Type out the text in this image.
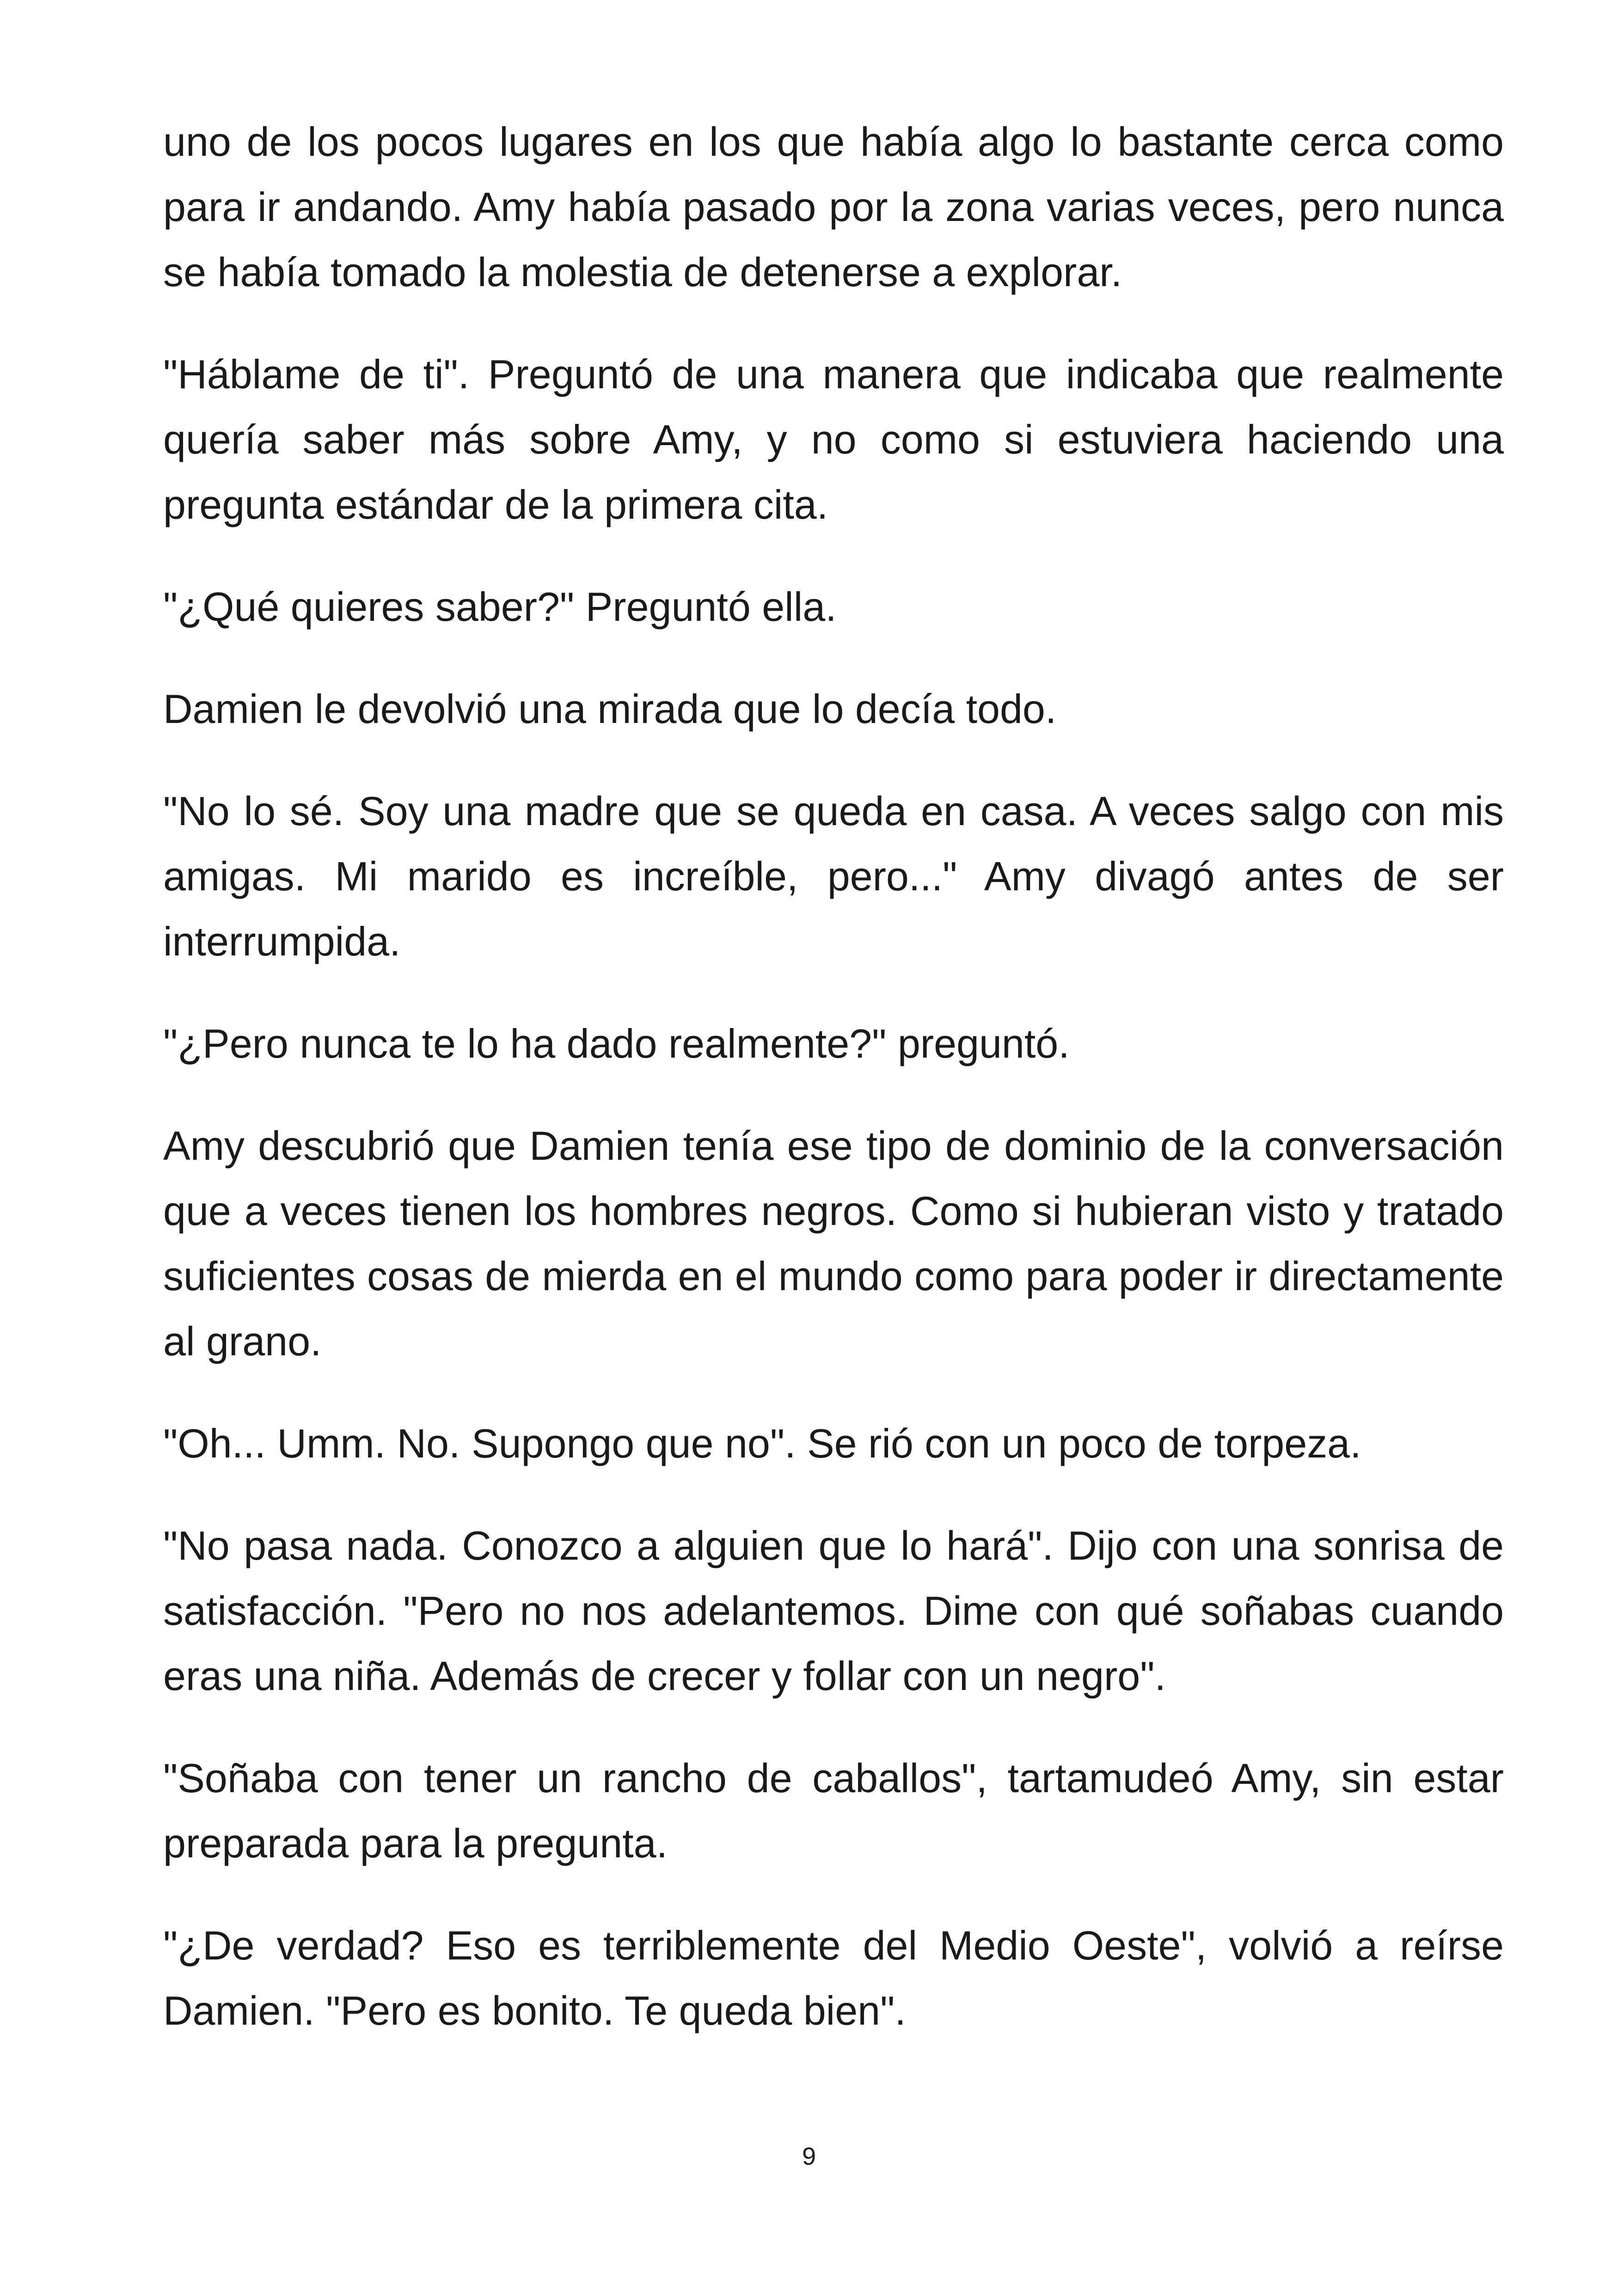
uno de los pocos lugares en los que había algo lo bastante cerca como para ir andando. Amy había pasado por la zona varias veces, pero nunca se había tomado la molestia de detenerse a explorar.

"Háblame de ti". Preguntó de una manera que indicaba que realmente quería saber más sobre Amy, y no como si estuviera haciendo una pregunta estándar de la primera cita.

"¿Qué quieres saber?" Preguntó ella.

Damien le devolvió una mirada que lo decía todo.

"No lo sé. Soy una madre que se queda en casa. A veces salgo con mis amigas. Mi marido es increíble, pero..." Amy divagó antes de ser interrumpida.

"¿Pero nunca te lo ha dado realmente?" preguntó.

Amy descubrió que Damien tenía ese tipo de dominio de la conversación que a veces tienen los hombres negros. Como si hubieran visto y tratado suficientes cosas de mierda en el mundo como para poder ir directamente al grano.

"Oh... Umm. No. Supongo que no". Se rió con un poco de torpeza.

"No pasa nada. Conozco a alguien que lo hará". Dijo con una sonrisa de satisfacción. "Pero no nos adelantemos. Dime con qué soñabas cuando eras una niña. Además de crecer y follar con un negro".

"Soñaba con tener un rancho de caballos", tartamudeó Amy, sin estar preparada para la pregunta.

"¿De verdad? Eso es terriblemente del Medio Oeste", volvió a reírse Damien. "Pero es bonito. Te queda bien".

9
